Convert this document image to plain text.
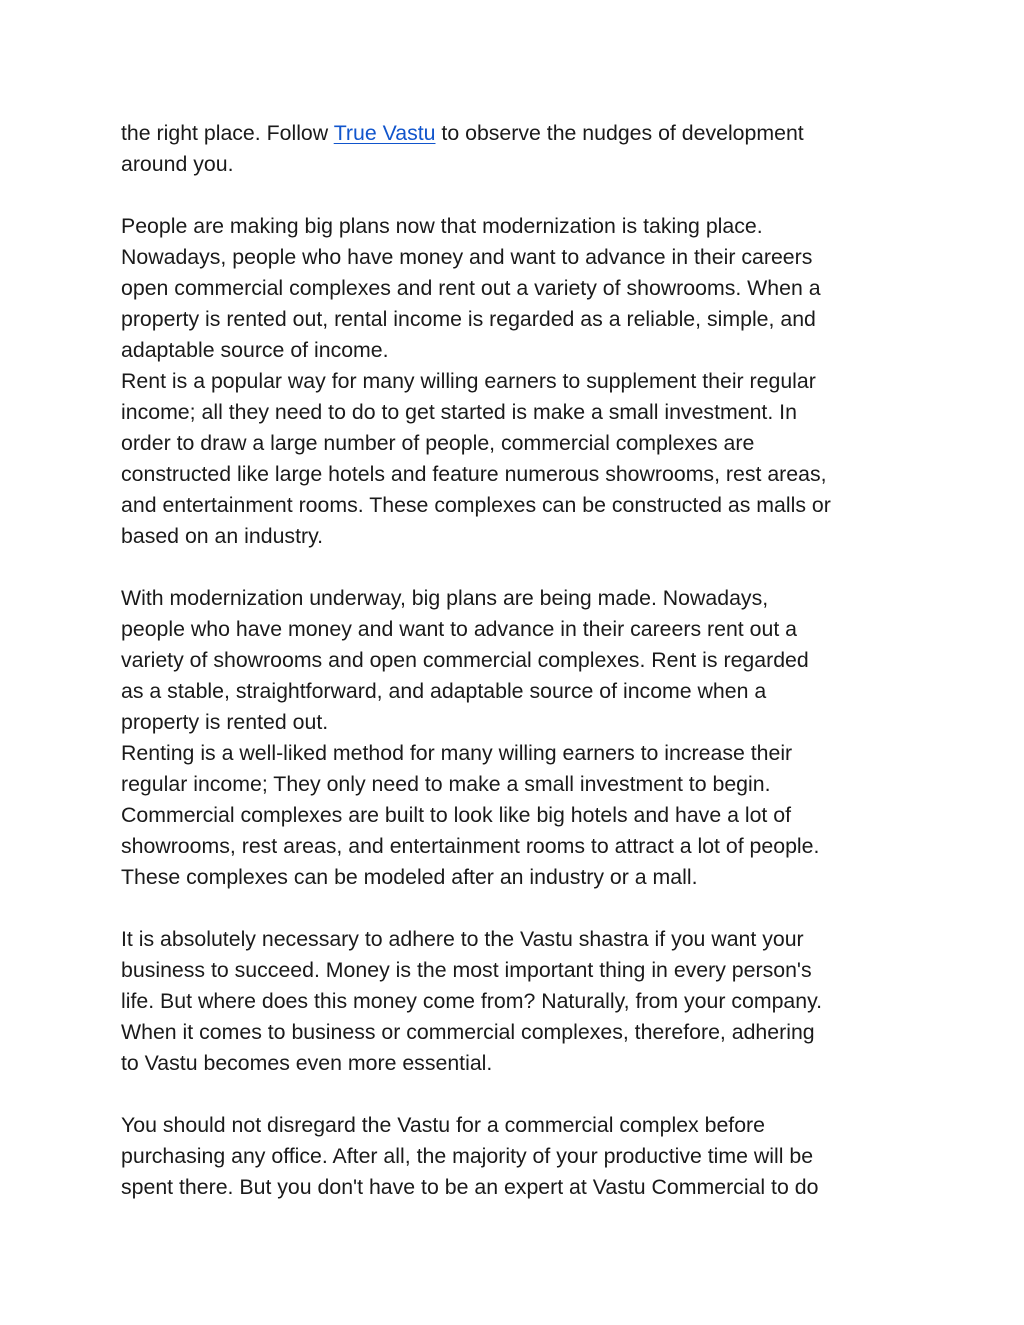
the right place. Follow True Vastu to observe the nudges of development
around you.
People are making big plans now that modernization is taking place.
Nowadays, people who have money and want to advance in their careers
open commercial complexes and rent out a variety of showrooms. When a
property is rented out, rental income is regarded as a reliable, simple, and
adaptable source of income.
Rent is a popular way for many willing earners to supplement their regular
income; all they need to do to get started is make a small investment. In
order to draw a large number of people, commercial complexes are
constructed like large hotels and feature numerous showrooms, rest areas,
and entertainment rooms. These complexes can be constructed as malls or
based on an industry.
With modernization underway, big plans are being made. Nowadays,
people who have money and want to advance in their careers rent out a
variety of showrooms and open commercial complexes. Rent is regarded
as a stable, straightforward, and adaptable source of income when a
property is rented out.
Renting is a well-liked method for many willing earners to increase their
regular income; They only need to make a small investment to begin.
Commercial complexes are built to look like big hotels and have a lot of
showrooms, rest areas, and entertainment rooms to attract a lot of people.
These complexes can be modeled after an industry or a mall.
It is absolutely necessary to adhere to the Vastu shastra if you want your
business to succeed. Money is the most important thing in every person's
life. But where does this money come from? Naturally, from your company.
When it comes to business or commercial complexes, therefore, adhering
to Vastu becomes even more essential.
You should not disregard the Vastu for a commercial complex before
purchasing any office. After all, the majority of your productive time will be
spent there. But you don't have to be an expert at Vastu Commercial to do
